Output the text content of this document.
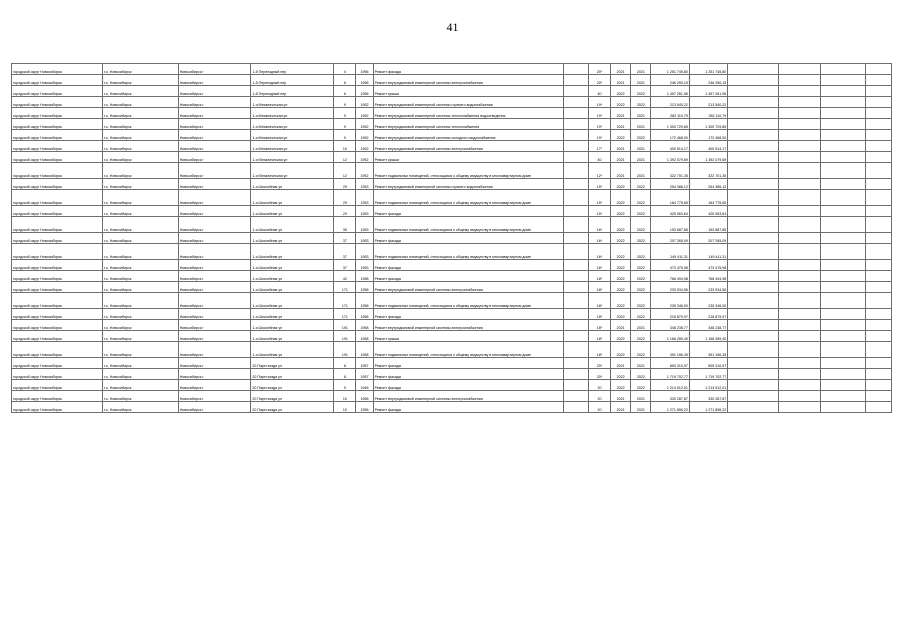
41
городской округ Новосибирск	г.о. Новосибирск	Новосибирск г	1-й Переездный пер	4	1956	Ремонт фасада		20*	2021	2021	1 251 745,80	1 251 745,80				
городской округ Новосибирск	г.о. Новосибирск	Новосибирск г	1-й Переездный пер	6	1956	Ремонт внутридомовой инженерной системы электроснабжения		20*	2021	2021	246 250,15	246 250,15				
городской округ Новосибирск	г.о. Новосибирск	Новосибирск г	1-й Переездный пер	6	1956	Ремонт крыши		40	2022	2022	1 457 261,96	1 457 261,96				
городской округ Новосибирск	г.о. Новосибирск	Новосибирск г	1-я Механическая ул	9	1952	Ремонт внутридомовой инженерной системы горячего водоснабжения		19*	2022	2022	213 540,22	213 540,22				
городской округ Новосибирск	г.о. Новосибирск	Новосибирск г	1-я Механическая ул	9	1952	Ремонт внутридомовой инженерной системы теплоснабжения водоотведения		19*	2021	2021	282 110,79	282 110,79				
городской округ Новосибирск	г.о. Новосибирск	Новосибирск г	1-я Механическая ул	9	1952	Ремонт внутридомовой инженерной системы теплоснабжения		19*	2021	2021	1 300 729,85	1 300 729,85				
городской округ Новосибирск	г.о. Новосибирск	Новосибирск г	1-я Механическая ул	9	1952	Ремонт внутридомовой инженерной системы холодного водоснабжения		19*	2022	2022	172 468,00	172 468,00				
городской округ Новосибирск	г.о. Новосибирск	Новосибирск г	1-я Механическая ул	10	1952	Ремонт внутридомовой инженерной системы электроснабжения		17*	2021	2021	400 514,17	400 514,17				
городской округ Новосибирск	г.о. Новосибирск	Новосибирск г	1-я Механическая ул	12	1952	Ремонт крыши		40	2021	2021	1 392 079,69	1 392 079,69				
городской округ Новосибирск	г.о. Новосибирск	Новосибирск г	1-я Механическая ул	12	1952	Ремонт подвальных помещений, относящихся к общему имуществу в многоквартирном доме		12*	2021	2021	322 701,35	322 701,35				
городской округ Новосибирск	г.о. Новосибирск	Новосибирск г	1-я Шоссейная ул	29	1953	Ремонт внутридомовой инженерной системы горячего водоснабжения		15*	2022	2022	254 386,12	254 386,12				
городской округ Новосибирск	г.о. Новосибирск	Новосибирск г	1-я Шоссейная ул	29	1953	Ремонт подвальных помещений, относящихся к общему имуществу в многоквартирном доме		15*	2022	2022	164 775,65	164 775,65				
городской округ Новосибирск	г.о. Новосибирск	Новосибирск г	1-я Шоссейная ул	29	1953	Ремонт фасада		15*	2022	2022	425 063,64	425 063,64				
городской округ Новосибирск	г.о. Новосибирск	Новосибирск г	1-я Шоссейная ул	35	1953	Ремонт подвальных помещений, относящихся к общему имуществу в многоквартирном доме		16*	2022	2022	153 687,85	153 687,85				
городской округ Новосибирск	г.о. Новосибирск	Новосибирск г	1-я Шоссейная ул	37	1953	Ремонт фасада		16*	2022	2022	207 265,09	207 265,09				
городской округ Новосибирск	г.о. Новосибирск	Новосибирск г	1-я Шоссейная ул	37	1953	Ремонт подвальных помещений, относящихся к общему имуществу в многоквартирном доме		16*	2022	2022	149 411,31	149 411,31				
городской округ Новосибирск	г.о. Новосибирск	Новосибирск г	1-я Шоссейная ул	37	1953	Ремонт фасада		16*	2022	2022	473 475,98	473 475,98				
городской округ Новосибирск	г.о. Новосибирск	Новосибирск г	1-я Шоссейная ул	42	1958	Ремонт фасада		18*	2022	2022	768 494,98	768 494,98				
городской округ Новосибирск	г.о. Новосибирск	Новосибирск г	1-я Шоссейная ул	171	1958	Ремонт внутридомовой инженерной системы электроснабжения		18*	2022	2022	233 934,56	233 934,56				
городской округ Новосибирск	г.о. Новосибирск	Новосибирск г	1-я Шоссейная ул	171	1958	Ремонт подвальных помещений, относящихся к общему имуществу в многоквартирном доме		18*	2022	2022	235 346,00	235 346,00				
городской округ Новосибирск	г.о. Новосибирск	Новосибирск г	1-я Шоссейная ул	171	1958	Ремонт фасада		18*	2022	2022	218 879,97	218 879,97				
городской округ Новосибирск	г.о. Новосибирск	Новосибирск г	1-я Шоссейная ул	191	1958	Ремонт внутридомовой инженерной системы электроснабжения		18*	2021	2021	348 238,77	348 238,77				
городской округ Новосибирск	г.о. Новосибирск	Новосибирск г	1-я Шоссейная ул	191	1958	Ремонт крыши		18*	2022	2022	1 168 289,40	1 168 289,40				
городской округ Новосибирск	г.о. Новосибирск	Новосибирск г	1-я Шоссейная ул	191	1958	Ремонт подвальных помещений, относящихся к общему имуществу в многоквартирном доме		18*	2022	2022	391 156,35	391 156,35				
городской округ Новосибирск	г.о. Новосибирск	Новосибирск г	20 Партсъезда ул	8	1957	Ремонт фасада		20*	2021	2021	809 310,97	809 310,97				
городской округ Новосибирск	г.о. Новосибирск	Новосибирск г	20 Партсъезда ул	8	1957	Ремонт фасада		20*	2022	2022	1 719 702,77	1 719 702,77				
городской округ Новосибирск	г.о. Новосибирск	Новосибирск г	20 Партсъезда ул	9	1946	Ремонт фасада		20	2022	2022	1 214 512,01	1 214 512,01				
городской округ Новосибирск	г.о. Новосибирск	Новосибирск г	20 Партсъезда ул	10	1956	Ремонт внутридомовой инженерной системы электроснабжения		20	2021	2021	330 287,87	330 287,87				
городской округ Новосибирск	г.о. Новосибирск	Новосибирск г	20 Партсъезда ул	10	1956	Ремонт фасада		20	2021	2021	1 271 896,22	1 271 896,22				
